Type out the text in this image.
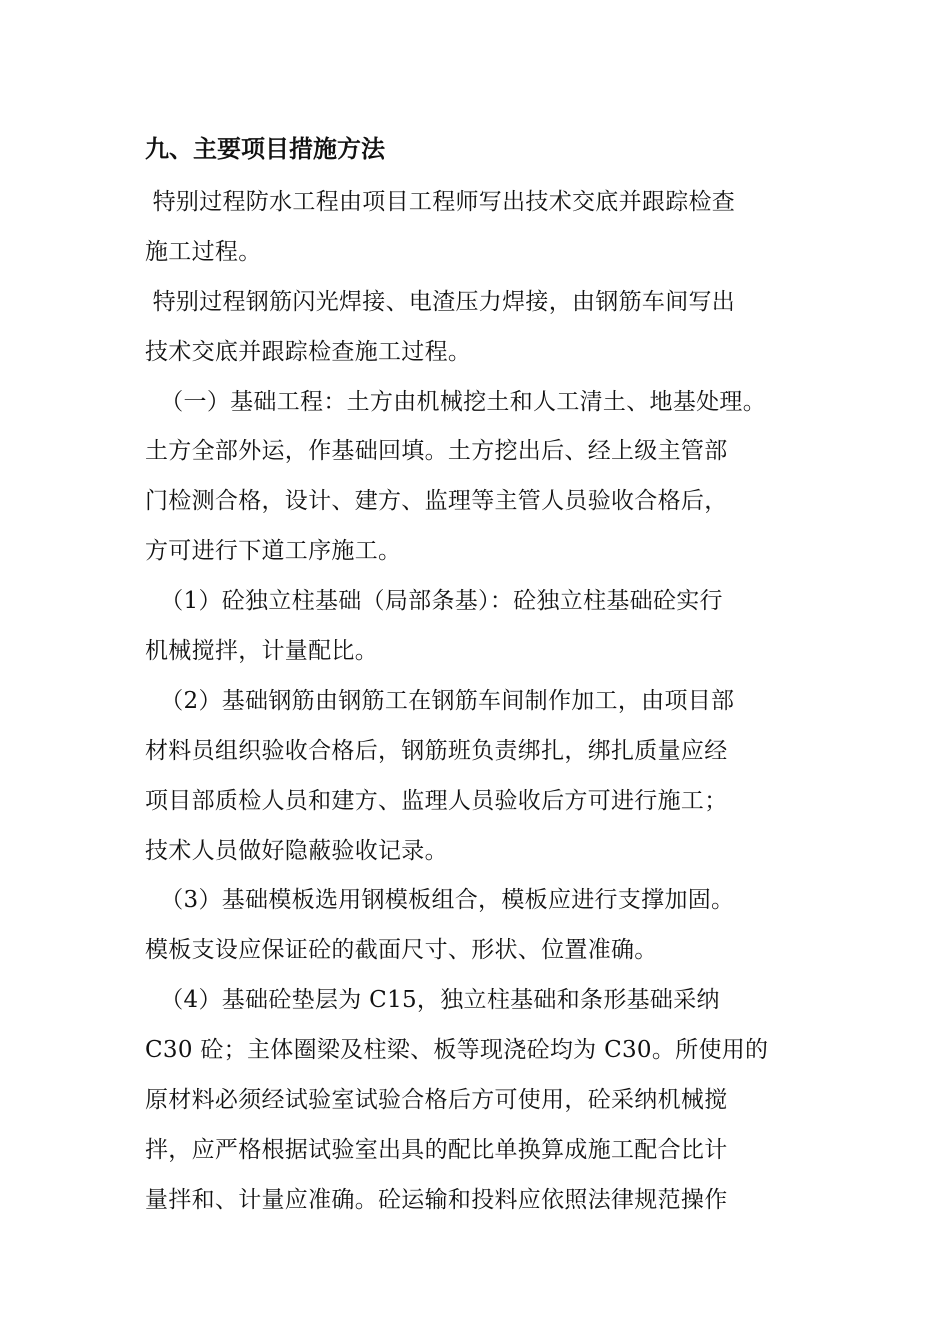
九、主要项目措施方法
特别过程防水工程由项目工程师写出技术交底并跟踪检查
施工过程。
特别过程钢筋闪光焊接、电渣压力焊接，由钢筋车间写出
技术交底并跟踪检查施工过程。
（一）基础工程：土方由机械挖土和人工清土、地基处理。
土方全部外运，作基础回填。土方挖出后、经上级主管部
门检测合格，设计、建方、监理等主管人员验收合格后，
方可进行下道工序施工。
（1）砼独立柱基础（局部条基）：砼独立柱基础砼实行
机械搅拌，计量配比。
（2）基础钢筋由钢筋工在钢筋车间制作加工，由项目部
材料员组织验收合格后，钢筋班负责绑扎，绑扎质量应经
项目部质检人员和建方、监理人员验收后方可进行施工；
技术人员做好隐蔽验收记录。
（3）基础模板选用钢模板组合，模板应进行支撑加固。
模板支设应保证砼的截面尺寸、形状、位置准确。
（4）基础砼垫层为 C15，独立柱基础和条形基础采纳
C30 砼；主体圈梁及柱梁、板等现浇砼均为 C30。所使用的
原材料必须经试验室试验合格后方可使用，砼采纳机械搅
拌，应严格根据试验室出具的配比单换算成施工配合比计
量拌和、计量应准确。砼运输和投料应依照法律规范操作
